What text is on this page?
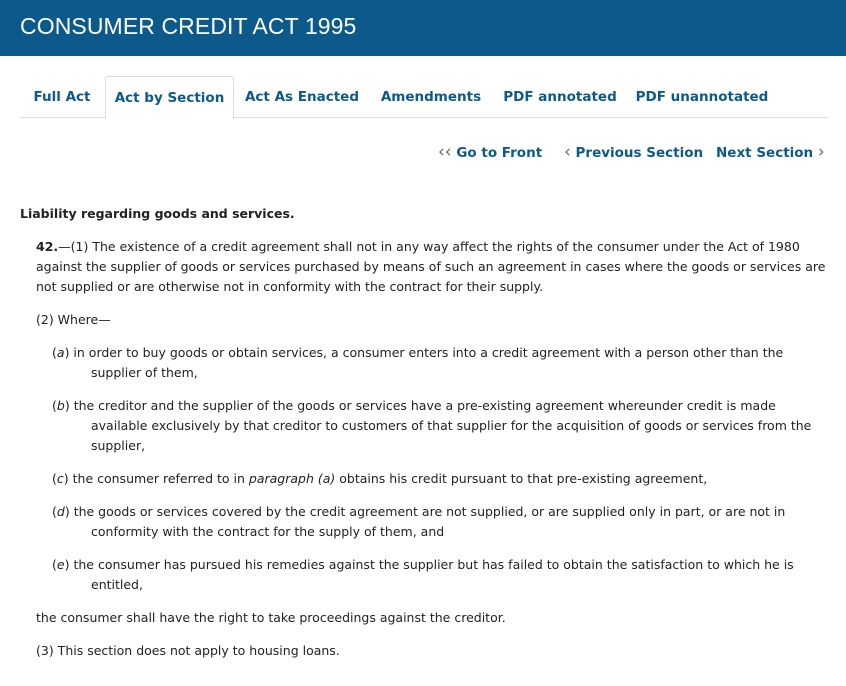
CONSUMER CREDIT ACT 1995
Full Act	Act by Section	Act As Enacted	Amendments	PDF annotated	PDF unannotated
‹‹ Go to Front ‹ Previous Section Next Section ›
Liability regarding goods and services.
42.—(1) The existence of a credit agreement shall not in any way affect the rights of the consumer under the Act of 1980 against the supplier of goods or services purchased by means of such an agreement in cases where the goods or services are not supplied or are otherwise not in conformity with the contract for their supply.
(2) Where—
(a) in order to buy goods or obtain services, a consumer enters into a credit agreement with a person other than the supplier of them,
(b) the creditor and the supplier of the goods or services have a pre-existing agreement whereunder credit is made available exclusively by that creditor to customers of that supplier for the acquisition of goods or services from the supplier,
(c) the consumer referred to in paragraph (a) obtains his credit pursuant to that pre-existing agreement,
(d) the goods or services covered by the credit agreement are not supplied, or are supplied only in part, or are not in conformity with the contract for the supply of them, and
(e) the consumer has pursued his remedies against the supplier but has failed to obtain the satisfaction to which he is entitled,
the consumer shall have the right to take proceedings against the creditor.
(3) This section does not apply to housing loans.
